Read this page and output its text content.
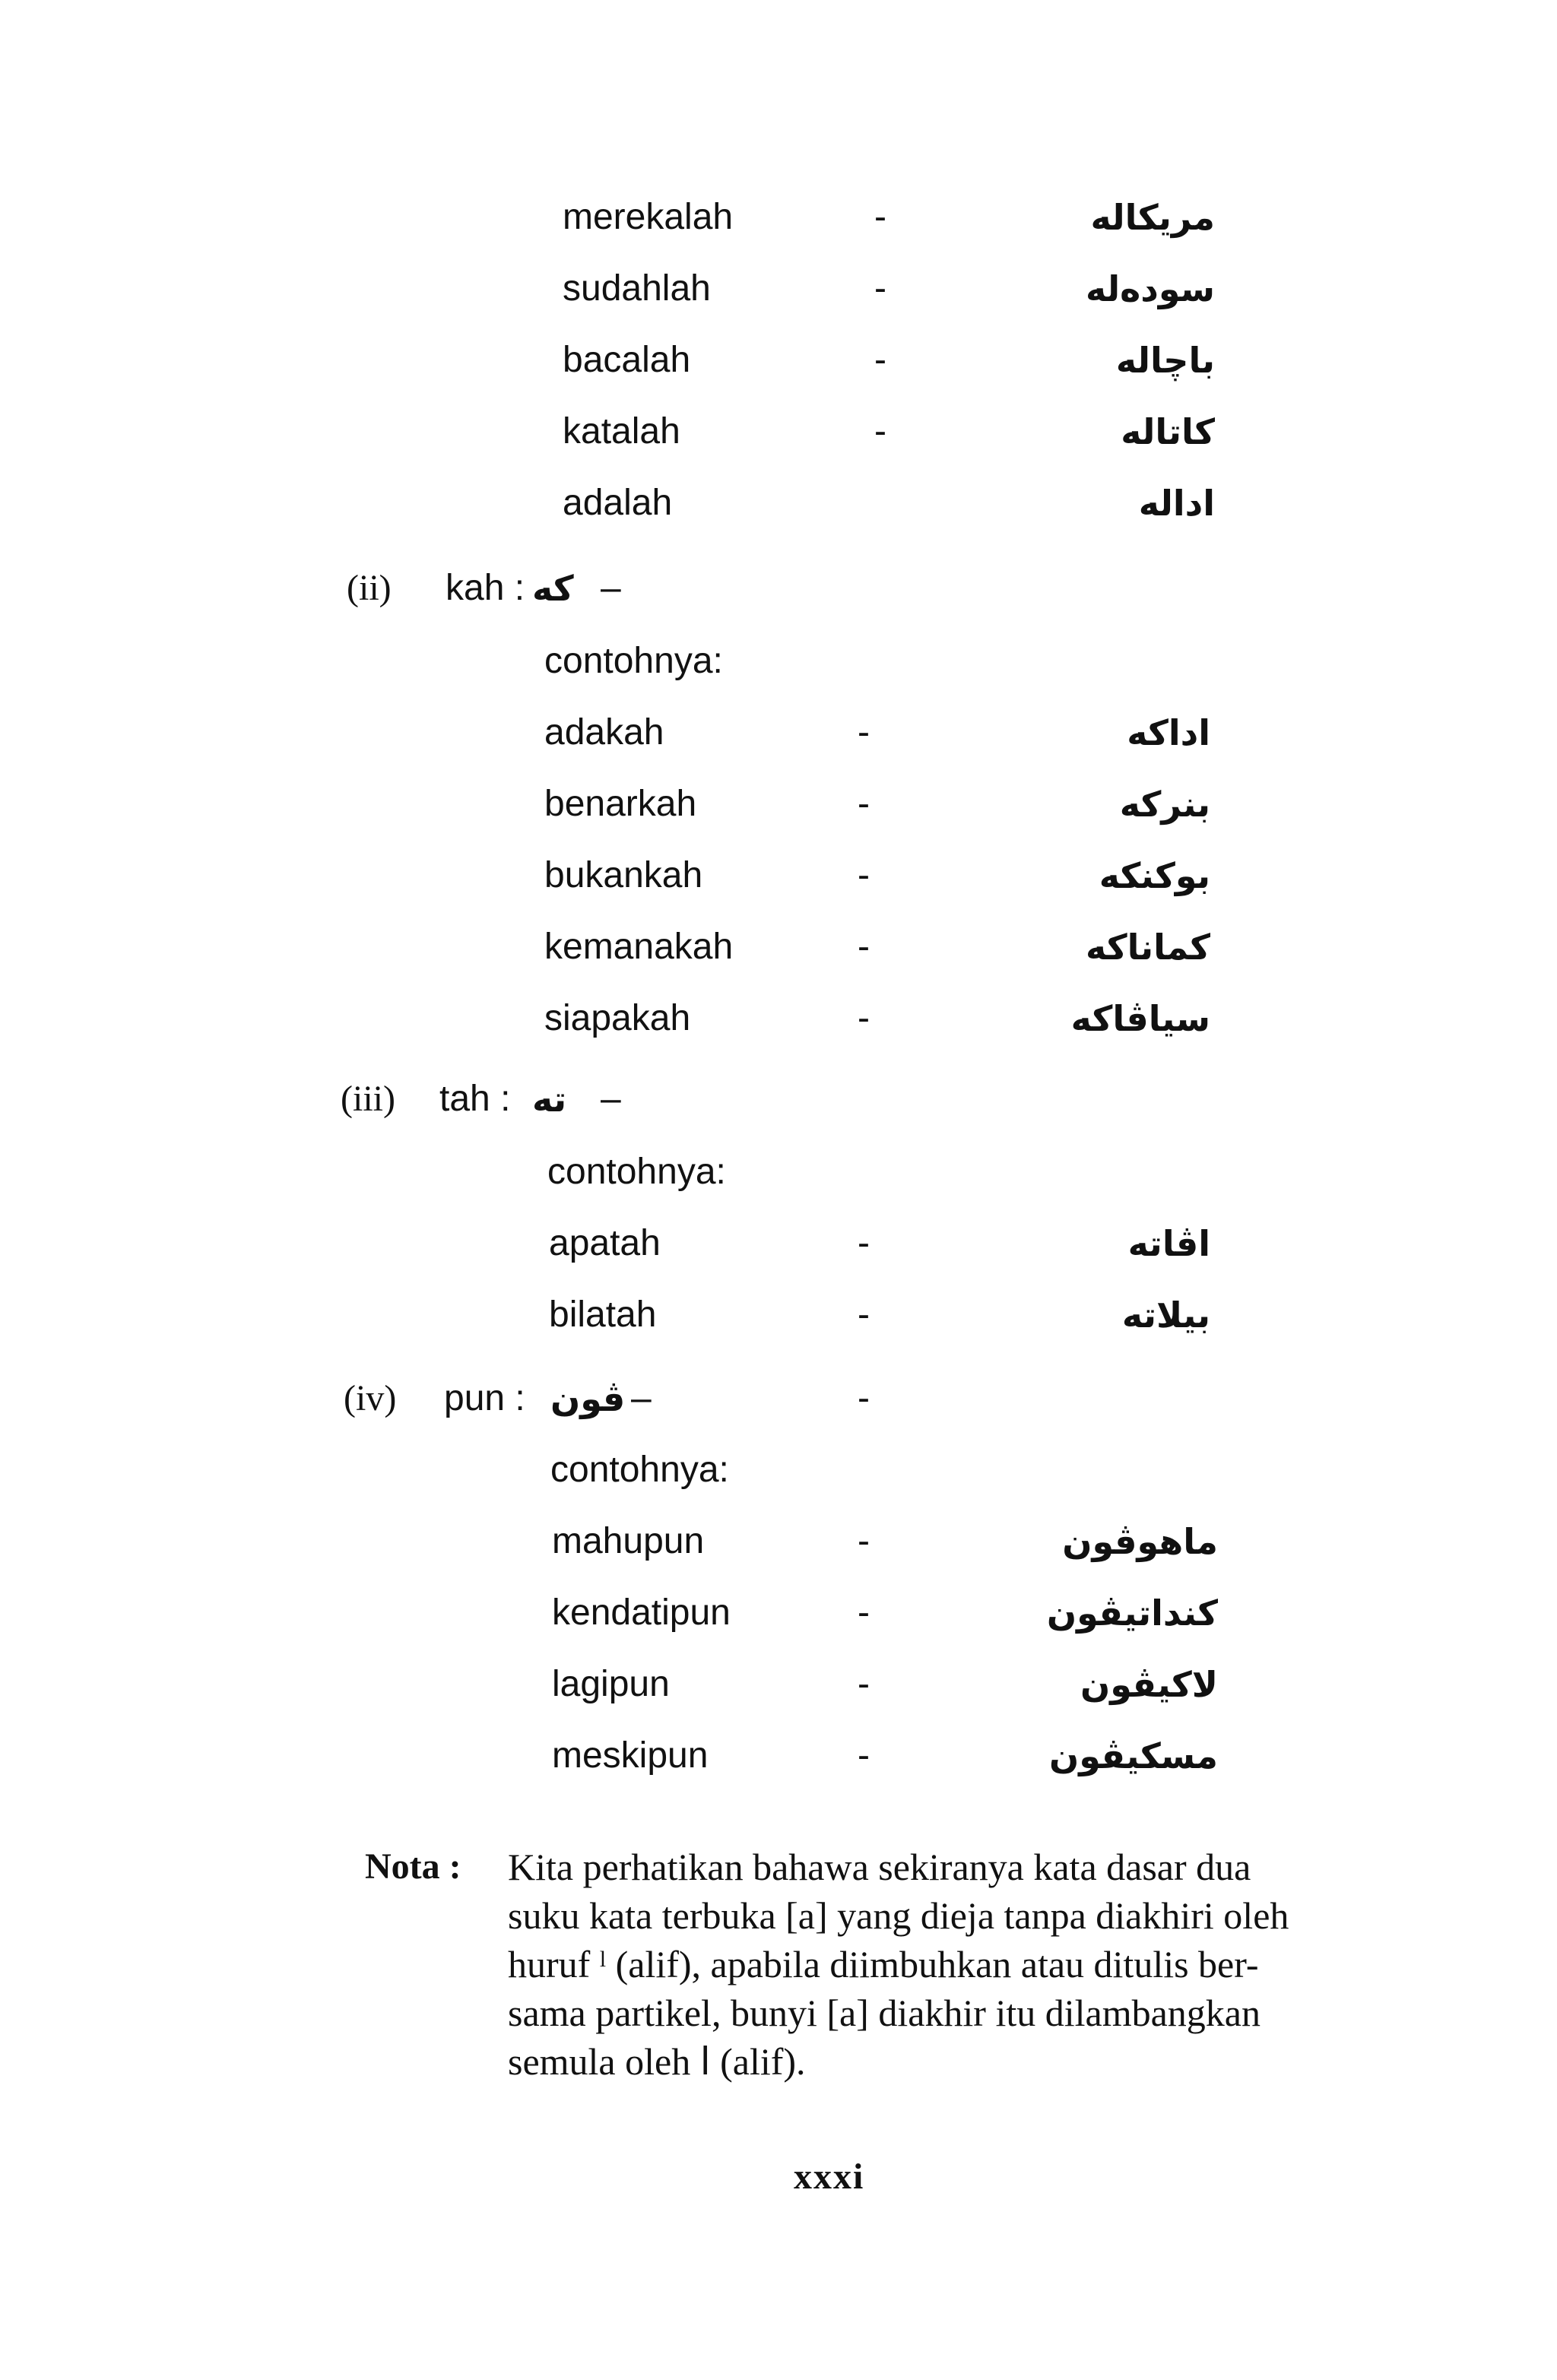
merekalah	-	مريکاله
sudahlah	-	سوده‌له
bacalah	-	باچاله
katalah	-	کاتاله
adalah	اداله
(ii) kah : که –
contohnya:
adakah	-	اداکه
benarkah	-	بنرکه
bukankah	-	بوکنکه
kemanakah	-	کماناکه
siapakah	-	سياڤاکه
(iii) tah : ته –
contohnya:
apatah	-	اڤاته
bilatah	-	بيلاته
(iv) pun : ڤون –	-
contohnya:
mahupun	-	ماهوڤون
kendatipun	-	کنداتيڤون
lagipun	-	لاکيڤون
meskipun	-	مسکيڤون
Nota : Kita perhatikan bahawa sekiranya kata dasar dua

suku kata terbuka [a] yang dieja tanpa diakhiri oleh

huruf ˡ (alif), apabila diimbuhkan atau ditulis ber-

sama partikel, bunyi [a] diakhir itu dilambangkan

semula oleh ا (alif).

xxxi
